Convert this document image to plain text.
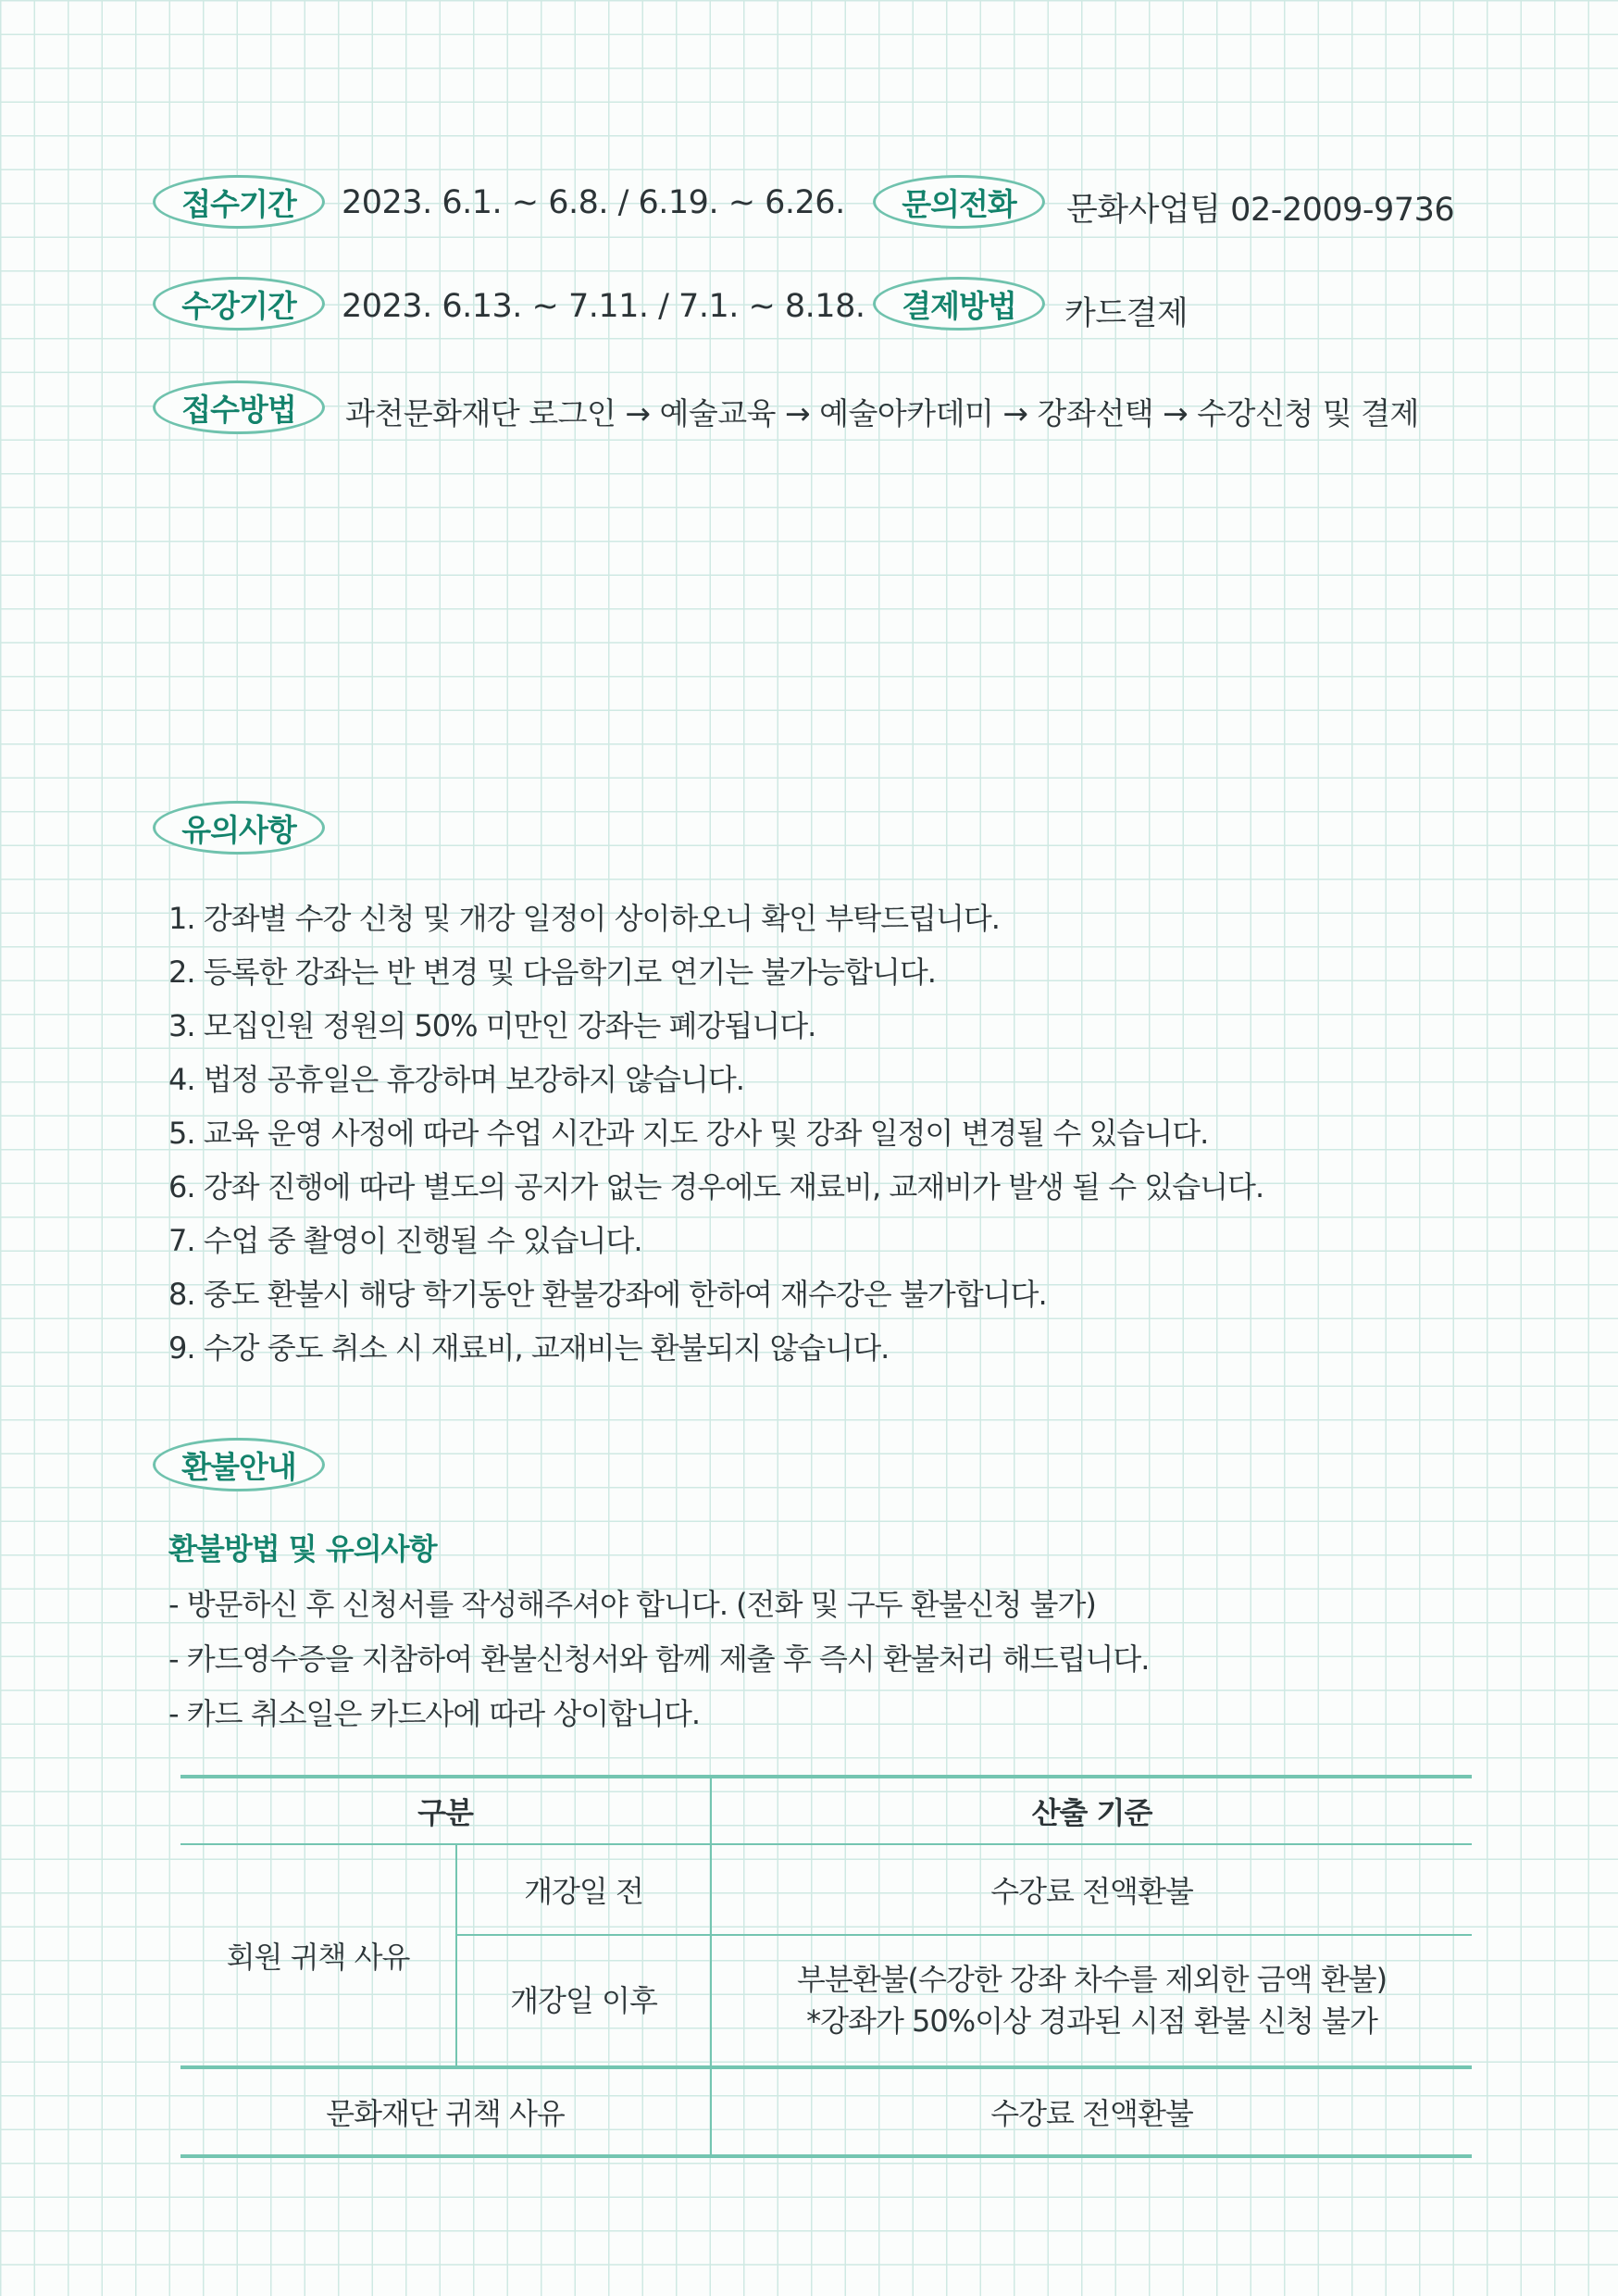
접수기간	2023. 6.1. ~ 6.8. / 6.19. ~ 6.26.	문의전화	문화사업팀 02-2009-9736
수강기간	2023. 6.13. ~ 7.11. / 7.1. ~ 8.18.	결제방법	카드결제
접수방법	과천문화재단 로그인 → 예술교육 → 예술아카데미 → 강좌선택 → 수강신청 및 결제
유의사항
1. 강좌별 수강 신청 및 개강 일정이 상이하오니 확인 부탁드립니다.
2. 등록한 강좌는 반 변경 및 다음학기로 연기는 불가능합니다.
3. 모집인원 정원의 50% 미만인 강좌는 폐강됩니다.
4. 법정 공휴일은 휴강하며 보강하지 않습니다.
5. 교육 운영 사정에 따라 수업 시간과 지도 강사 및 강좌 일정이 변경될 수 있습니다.
6. 강좌 진행에 따라 별도의 공지가 없는 경우에도 재료비, 교재비가 발생 될 수 있습니다.
7. 수업 중 촬영이 진행될 수 있습니다.
8. 중도 환불시 해당 학기동안 환불강좌에 한하여 재수강은 불가합니다.
9. 수강 중도 취소 시 재료비, 교재비는 환불되지 않습니다.
환불안내
환불방법 및 유의사항
- 방문하신 후 신청서를 작성해주셔야 합니다. (전화 및 구두 환불신청 불가)
- 카드영수증을 지참하여 환불신청서와 함께 제출 후 즉시 환불처리 해드립니다.
- 카드 취소일은 카드사에 따라 상이합니다.
구분		산출 기준
회원 귀책 사유	개강일 전	수강료 전액환불
	개강일 이후	부분환불(수강한 강좌 차수를 제외한 금액 환불)
*강좌가 50%이상 경과된 시점 환불 신청 불가

문화재단 귀책 사유		수강료 전액환불
